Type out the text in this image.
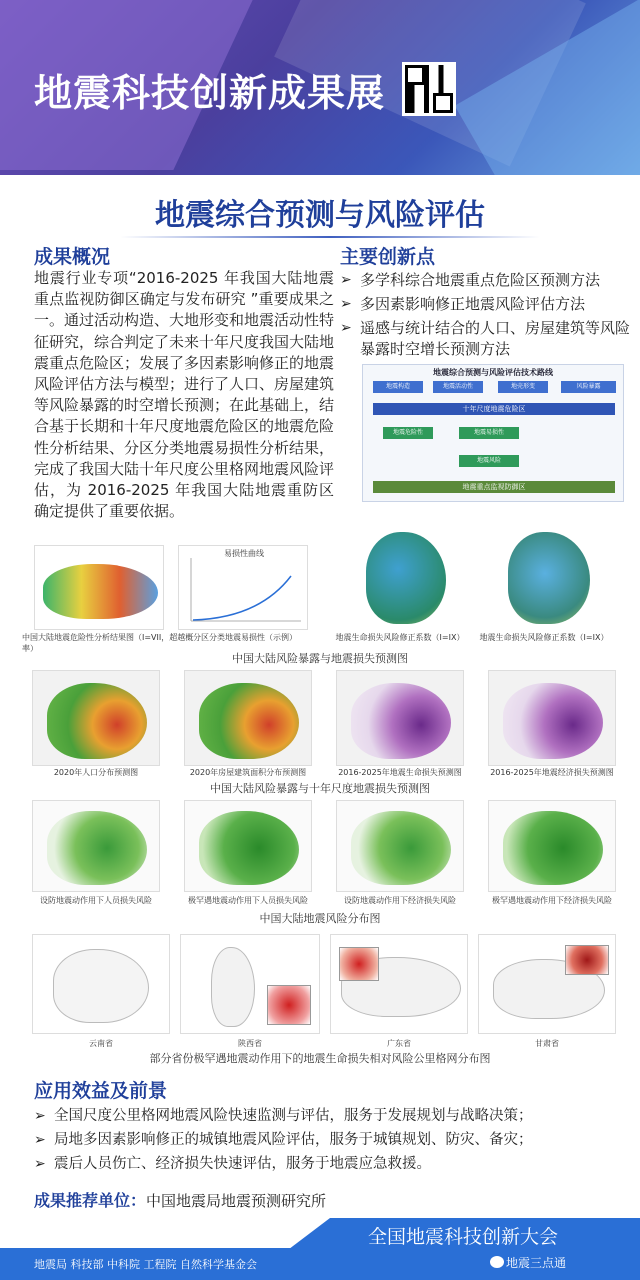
地震科技创新成果展
地震综合预测与风险评估
成果概况
地震行业专项“2016-2025 年我国大陆地震重点监视防御区确定与发布研究 ”重要成果之一。通过活动构造、大地形变和地震活动性特征研究，综合判定了未来十年尺度我国大陆地震重点危险区；发展了多因素影响修正的地震风险评估方法与模型；进行了人口、房屋建筑等风险暴露的时空增长预测；在此基础上，结合基于长期和十年尺度地震危险区的地震危险性分析结果、分区分类地震易损性分析结果，完成了我国大陆十年尺度公里格网地震风险评估，为 2016-2025 年我国大陆地震重防区确定提供了重要依据。
主要创新点
➢ 多学科综合地震重点危险区预测方法
➢ 多因素影响修正地震风险评估方法
➢ 遥感与统计结合的人口、房屋建筑等风险暴露时空增长预测方法
地震综合预测与风险评估技术路线
地震构造	地震活动性	地壳形变	风险暴露
十年尺度地震危险区
地震危险性	地震易损性
地震风险
地震重点监视防御区
中国大陆地震危险性分析结果图（I=VII，超越概率）
易损性曲线
分区分类地震易损性（示例）	地震生命损失风险修正系数（I=IX）	地震生命损失风险修正系数（I=IX）
中国大陆风险暴露与地震损失预测图
2020年人口分布预测图	2020年房屋建筑面积分布预测图	2016-2025年地震生命损失预测图	2016-2025年地震经济损失预测图
中国大陆风险暴露与十年尺度地震损失预测图
设防地震动作用下人员损失风险	极罕遇地震动作用下人员损失风险	设防地震动作用下经济损失风险	极罕遇地震动作用下经济损失风险
中国大陆地震风险分布图
云南省	陕西省	广东省	甘肃省
部分省份极罕遇地震动作用下的地震生命损失相对风险公里格网分布图
应用效益及前景
➢ 全国尺度公里格网地震风险快速监测与评估，服务于发展规划与战略决策；
➢ 局地多因素影响修正的城镇地震风险评估，服务于城镇规划、防灾、备灾；
➢ 震后人员伤亡、经济损失快速评估，服务于地震应急救援。
成果推荐单位：中国地震局地震预测研究所
全国地震科技创新大会
地震局 科技部 中科院 工程院 自然科学基金会	地震三点通
